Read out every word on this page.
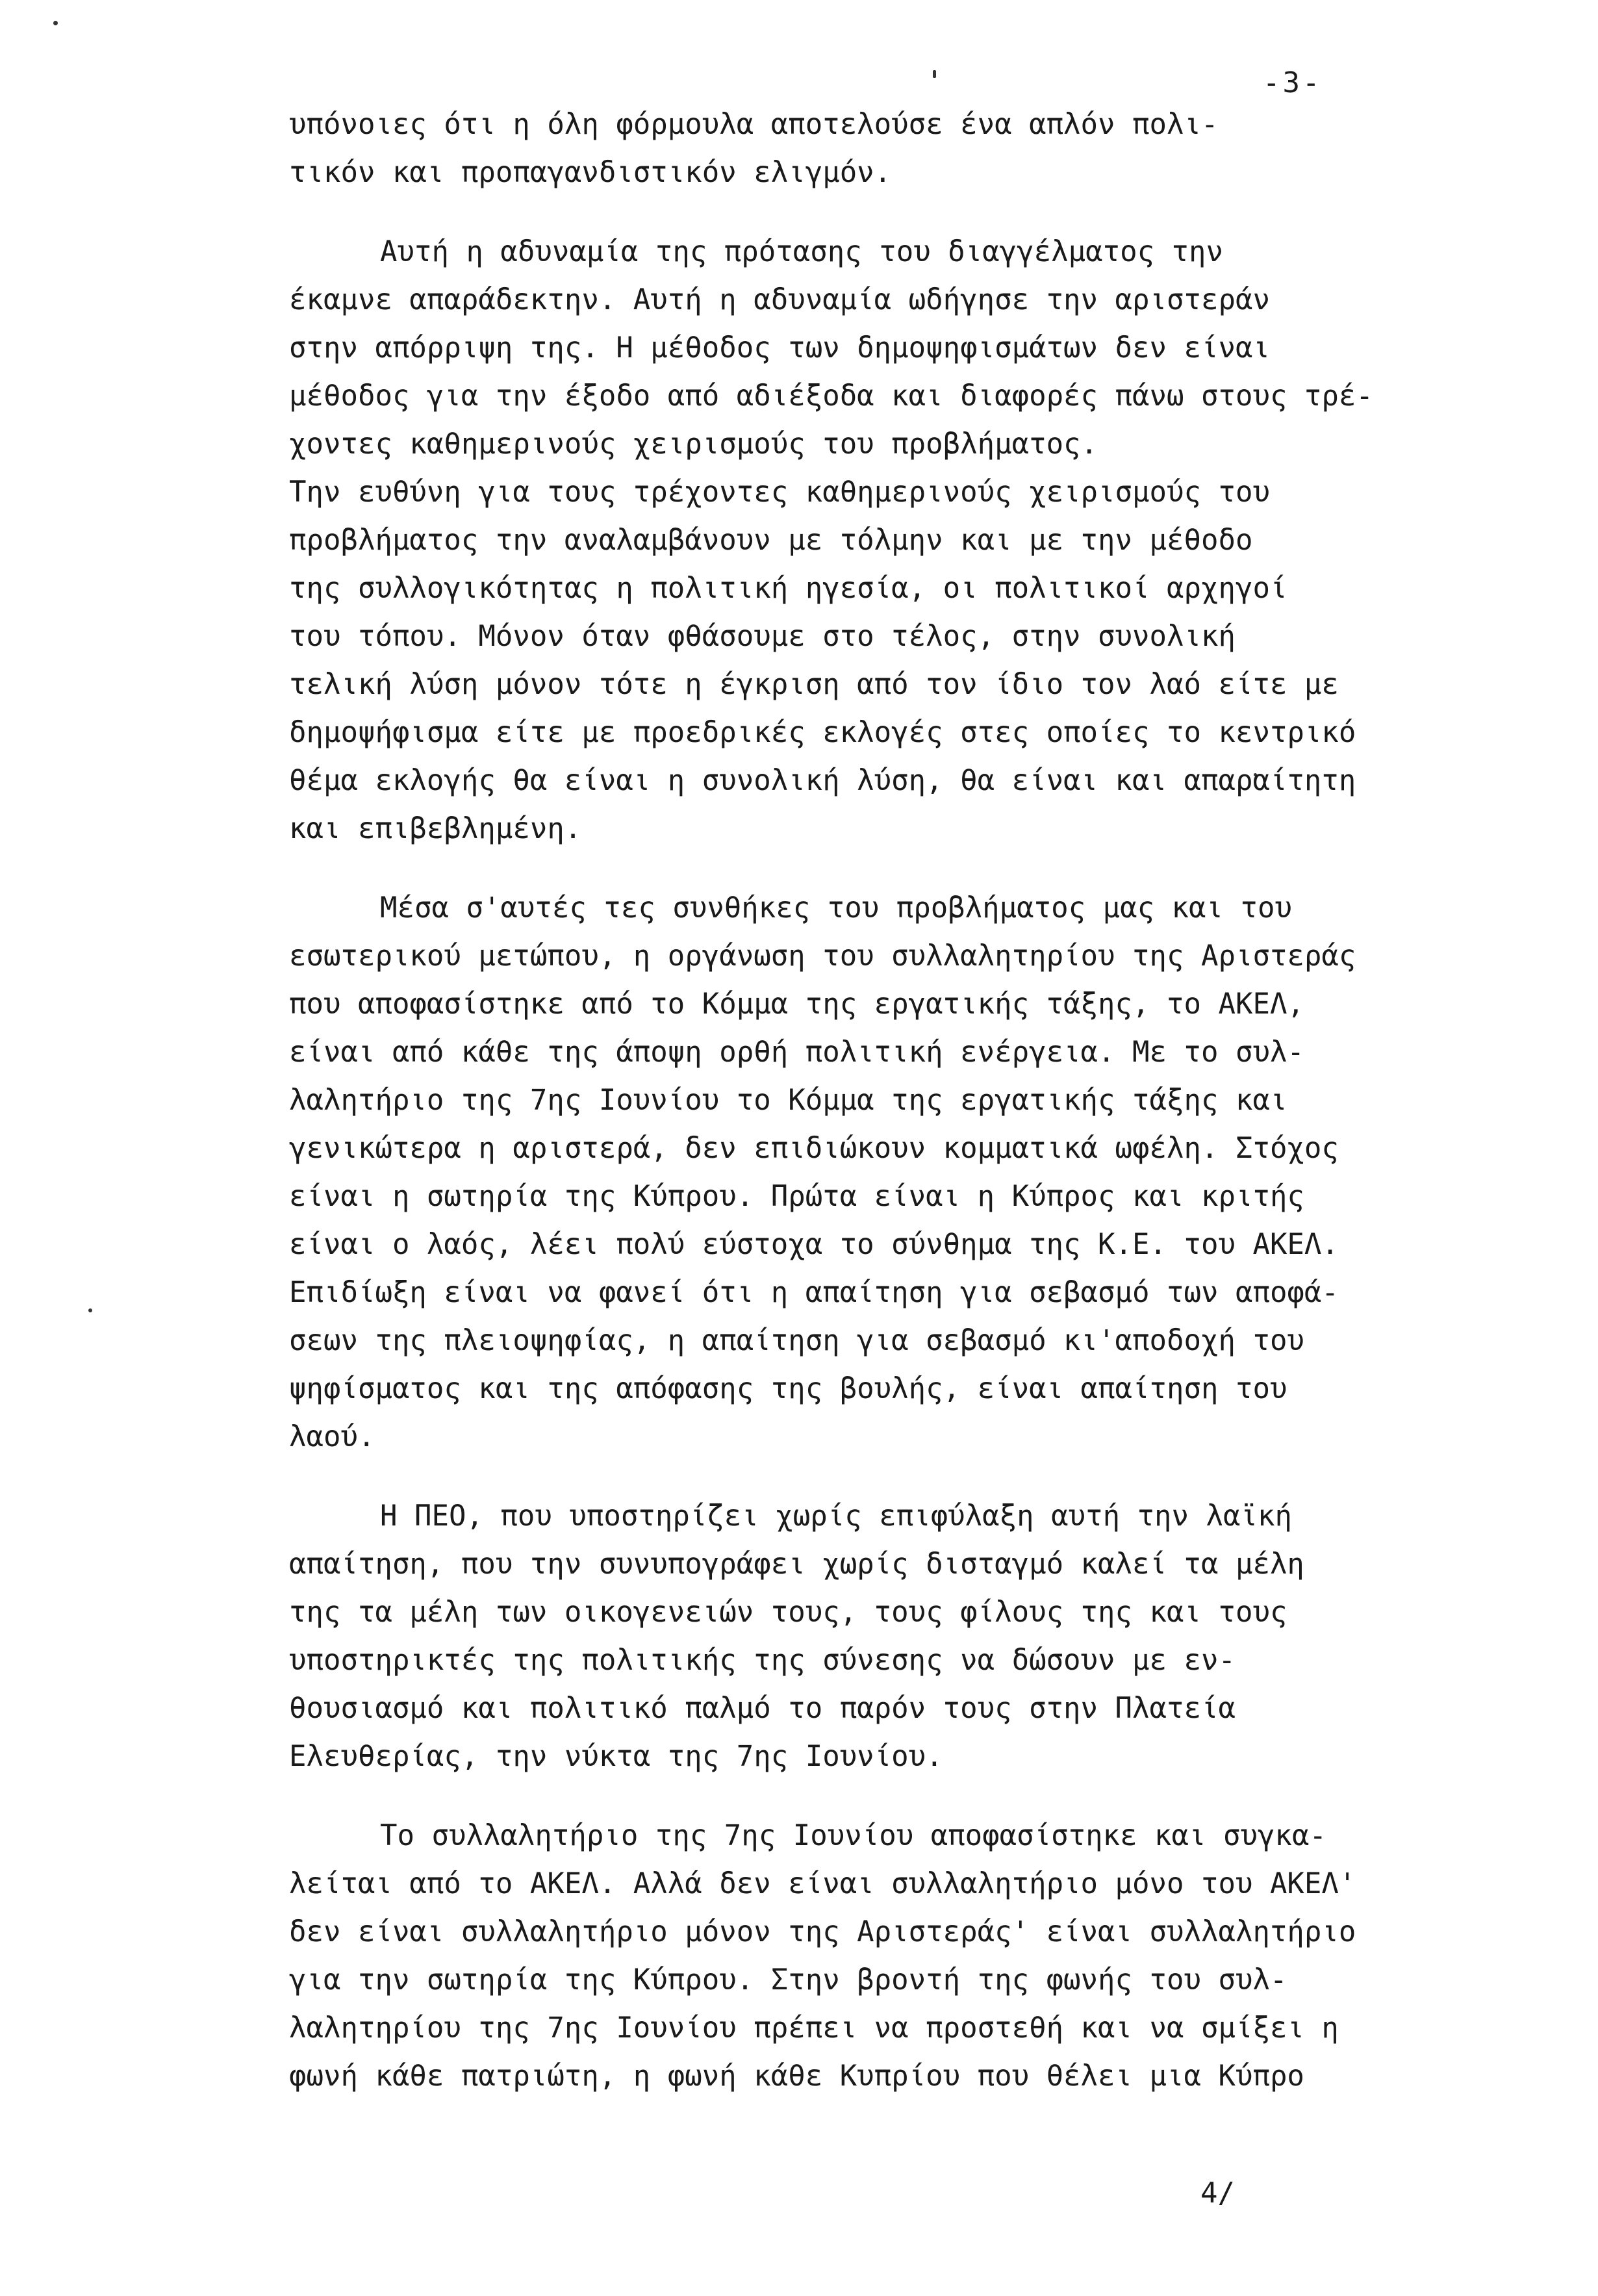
-3-
υπόνοιες ότι η όλη φόρμουλα αποτελούσε ένα απλόν πολι-
τικόν και προπαγανδιστικόν ελιγμόν.
Αυτή η αδυναμία της πρότασης του διαγγέλματος την
έκαμνε απαράδεκτην. Αυτή η αδυναμία ωδήγησε την αριστεράν
στην απόρριψη της. Η μέθοδος των δημοψηφισμάτων δεν είναι
μέθοδος για την έξοδο από αδιέξοδα και διαφορές πάνω στους τρέ-
χοντες καθημερινούς χειρισμούς του προβλήματος.
Την ευθύνη για τους τρέχοντες καθημερινούς χειρισμούς του
προβλήματος την αναλαμβάνουν με τόλμην και με την μέθοδο
της συλλογικότητας η πολιτική ηγεσία, οι πολιτικοί αρχηγοί
του τόπου. Μόνον όταν φθάσουμε στο τέλος, στην συνολική
τελική λύση μόνον τότε η έγκριση από τον ίδιο τον λαό είτε με
δημοψήφισμα είτε με προεδρικές εκλογές στες οποίες το κεντρικό
θέμα εκλογής θα είναι η συνολική λύση, θα είναι και απαραίτητη
και επιβεβλημένη.
Μέσα σ'αυτές τες συνθήκες του προβλήματος μας και του
εσωτερικού μετώπου, η οργάνωση του συλλαλητηρίου της Αριστεράς
που αποφασίστηκε από το Κόμμα της εργατικής τάξης, το ΑΚΕΛ,
είναι από κάθε της άποψη ορθή πολιτική ενέργεια. Με το συλ-
λαλητήριο της 7ης Ιουνίου το Κόμμα της εργατικής τάξης και
γενικώτερα η αριστερά, δεν επιδιώκουν κομματικά ωφέλη. Στόχος
είναι η σωτηρία της Κύπρου. Πρώτα είναι η Κύπρος και κριτής
είναι ο λαός, λέει πολύ εύστοχα το σύνθημα της Κ.Ε. του ΑΚΕΛ.
Επιδίωξη είναι να φανεί ότι η απαίτηση για σεβασμό των αποφά-
σεων της πλειοψηφίας, η απαίτηση για σεβασμό κι'αποδοχή του
ψηφίσματος και της απόφασης της βουλής, είναι απαίτηση του
λαού.
Η ΠΕΟ, που υποστηρίζει χωρίς επιφύλαξη αυτή την λαϊκή
απαίτηση, που την συνυπογράφει χωρίς δισταγμό καλεί τα μέλη
της τα μέλη των οικογενειών τους, τους φίλους της και τους
υποστηρικτές της πολιτικής της σύνεσης να δώσουν με εν-
θουσιασμό και πολιτικό παλμό το παρόν τους στην Πλατεία
Ελευθερίας, την νύκτα της 7ης Ιουνίου.
Το συλλαλητήριο της 7ης Ιουνίου αποφασίστηκε και συγκα-
λείται από το ΑΚΕΛ. Αλλά δεν είναι συλλαλητήριο μόνο του ΑΚΕΛ'
δεν είναι συλλαλητήριο μόνον της Αριστεράς' είναι συλλαλητήριο
για την σωτηρία της Κύπρου. Στην βροντή της φωνής του συλ-
λαλητηρίου της 7ης Ιουνίου πρέπει να προστεθή και να σμίξει η
φωνή κάθε πατριώτη, η φωνή κάθε Κυπρίου που θέλει μια Κύπρο
4/
